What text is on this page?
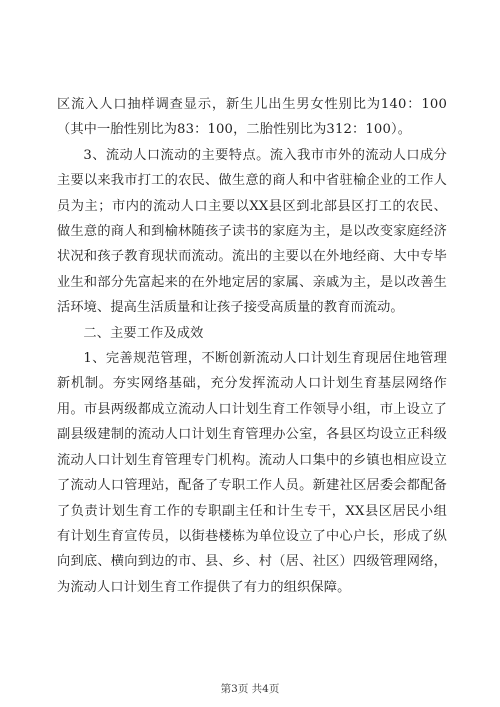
区流入人口抽样调查显示，新生儿出生男女性别比为140：100（其中一胎性别比为83：100，二胎性别比为312：100）。

3、流动人口流动的主要特点。流入我市市外的流动人口成分主要以来我市打工的农民、做生意的商人和中省驻榆企业的工作人员为主；市内的流动人口主要以XX县区到北部县区打工的农民、做生意的商人和到榆林随孩子读书的家庭为主，是以改变家庭经济状况和孩子教育现状而流动。流出的主要以在外地经商、大中专毕业生和部分先富起来的在外地定居的家属、亲戚为主，是以改善生活环境、提高生活质量和让孩子接受高质量的教育而流动。

二、主要工作及成效

1、完善规范管理，不断创新流动人口计划生育现居住地管理新机制。夯实网络基础，充分发挥流动人口计划生育基层网络作用。市县两级都成立流动人口计划生育工作领导小组，市上设立了副县级建制的流动人口计划生育管理办公室，各县区均设立正科级流动人口计划生育管理专门机构。流动人口集中的乡镇也相应设立了流动人口管理站，配备了专职工作人员。新建社区居委会都配备了负责计划生育工作的专职副主任和计生专干，XX县区居民小组有计划生育宣传员，以街巷楼栋为单位设立了中心户长，形成了纵向到底、横向到边的市、县、乡、村（居、社区）四级管理网络，为流动人口计划生育工作提供了有力的组织保障。

第3页 共4页
